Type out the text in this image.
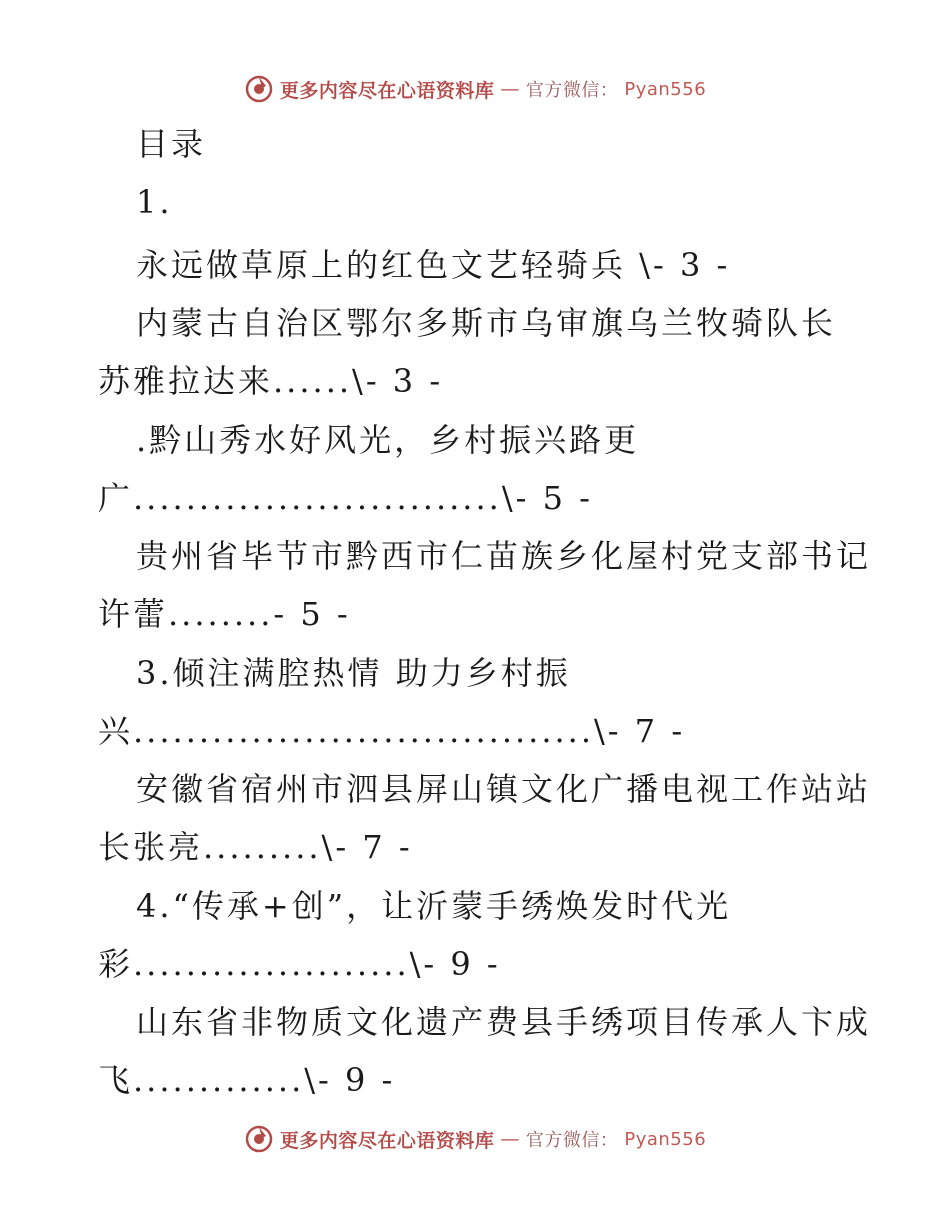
更多内容尽在心语资料库 — 官方微信： Pyan556
目录
1.
永远做草原上的红色文艺轻骑兵 \- 3 -
内蒙古自治区鄂尔多斯市乌审旗乌兰牧骑队长
苏雅拉达来......\- 3 -
.黔山秀水好风光，乡村振兴路更
广............................\- 5 -
贵州省毕节市黔西市仁苗族乡化屋村党支部书记
许蕾........- 5 -
3.倾注满腔热情 助力乡村振
兴...................................\- 7 -
安徽省宿州市泗县屏山镇文化广播电视工作站站
长张亮.........\- 7 -
4.“传承+创”，让沂蒙手绣焕发时代光
彩.....................\- 9 -
山东省非物质文化遗产费县手绣项目传承人卞成
飞.............\- 9 -
更多内容尽在心语资料库 — 官方微信： Pyan556
